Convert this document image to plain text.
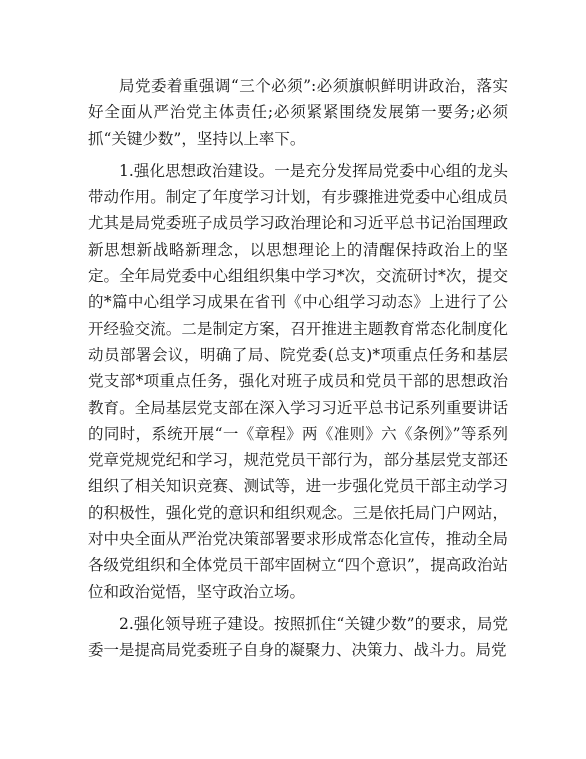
局党委着重强调“三个必须”:必须旗帜鲜明讲政治，落实好全面从严治党主体责任;必须紧紧围绕发展第一要务;必须抓“关键少数”，坚持以上率下。

1.强化思想政治建设。一是充分发挥局党委中心组的龙头带动作用。制定了年度学习计划，有步骤推进党委中心组成员尤其是局党委班子成员学习政治理论和习近平总书记治国理政新思想新战略新理念，以思想理论上的清醒保持政治上的坚定。全年局党委中心组组织集中学习*次，交流研讨*次，提交的*篇中心组学习成果在省刊《中心组学习动态》上进行了公开经验交流。二是制定方案，召开推进主题教育常态化制度化动员部署会议，明确了局、院党委(总支)*项重点任务和基层党支部*项重点任务，强化对班子成员和党员干部的思想政治教育。全局基层党支部在深入学习习近平总书记系列重要讲话的同时，系统开展“一《章程》两《准则》六《条例》”等系列党章党规党纪和学习，规范党员干部行为，部分基层党支部还组织了相关知识竞赛、测试等，进一步强化党员干部主动学习的积极性，强化党的意识和组织观念。三是依托局门户网站，对中央全面从严治党决策部署要求形成常态化宣传，推动全局各级党组织和全体党员干部牢固树立“四个意识”，提高政治站位和政治觉悟，坚守政治立场。

2.强化领导班子建设。按照抓住“关键少数”的要求，局党委一是提高局党委班子自身的凝聚力、决策力、战斗力。局党
